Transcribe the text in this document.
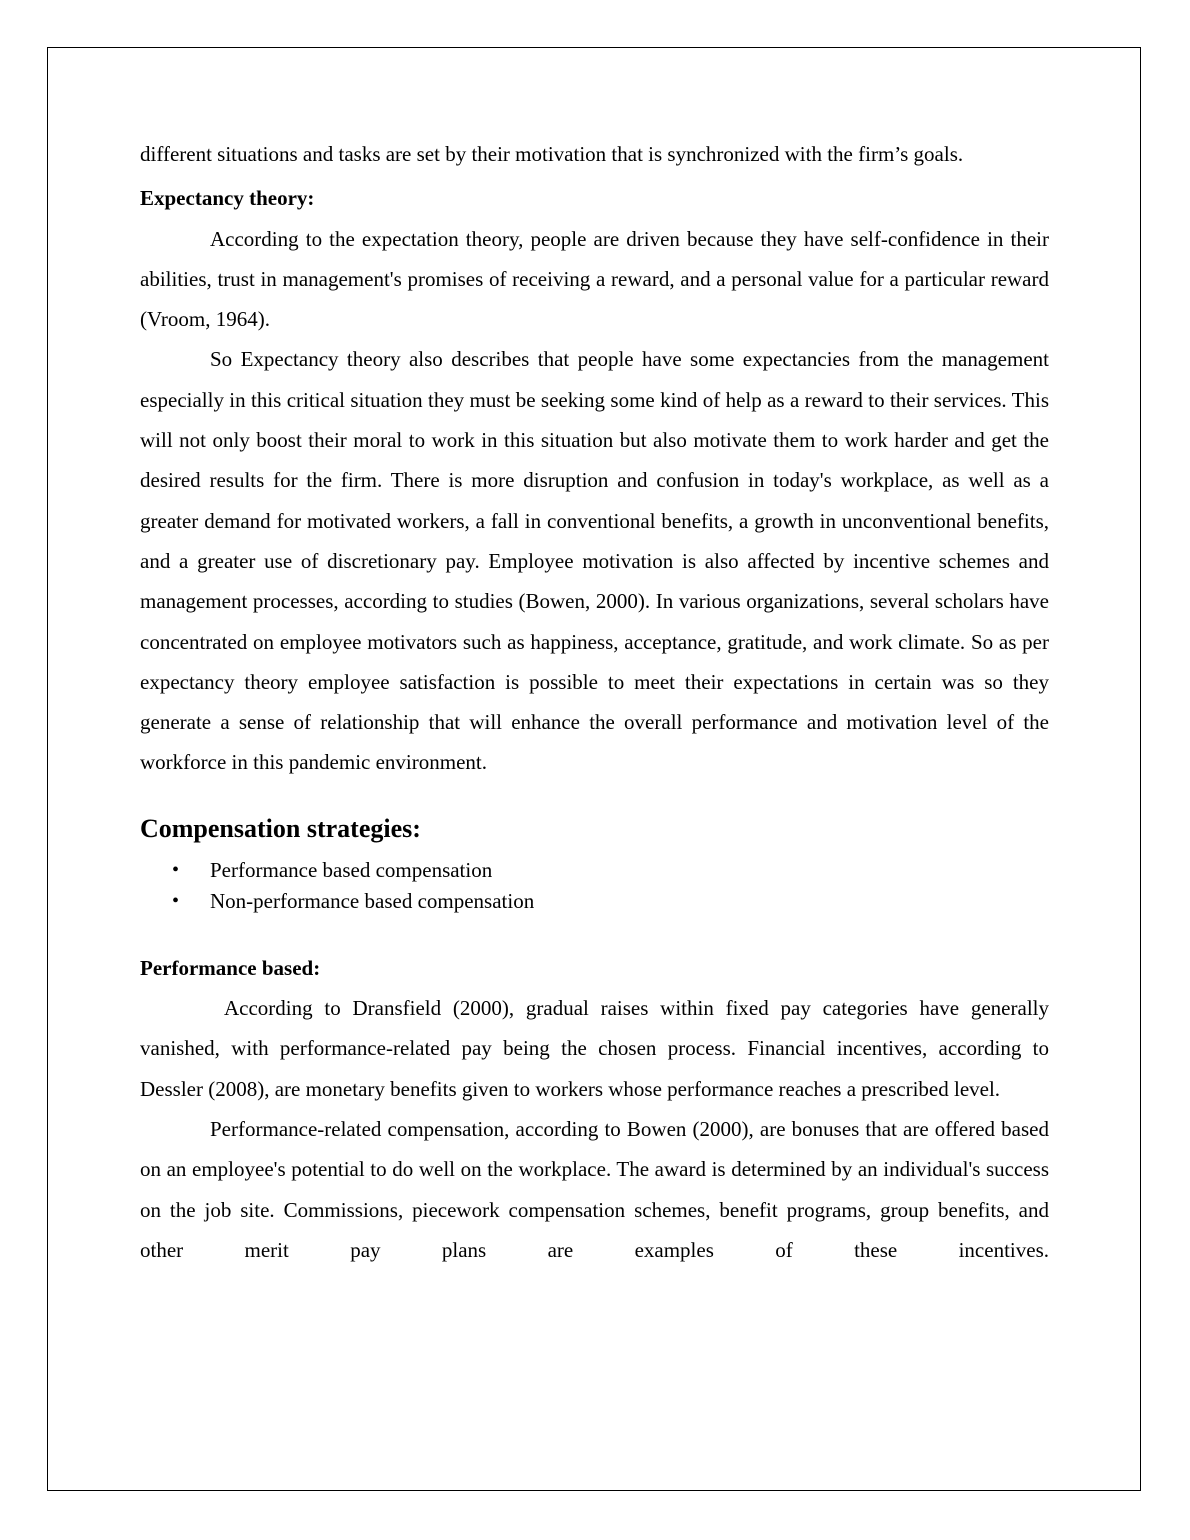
different situations and tasks are set by their motivation that is synchronized with the firm’s goals.

Expectancy theory:

According to the expectation theory, people are driven because they have self-confidence in their abilities, trust in management's promises of receiving a reward, and a personal value for a particular reward (Vroom, 1964).

So Expectancy theory also describes that people have some expectancies from the management especially in this critical situation they must be seeking some kind of help as a reward to their services. This will not only boost their moral to work in this situation but also motivate them to work harder and get the desired results for the firm. There is more disruption and confusion in today's workplace, as well as a greater demand for motivated workers, a fall in conventional benefits, a growth in unconventional benefits, and a greater use of discretionary pay. Employee motivation is also affected by incentive schemes and management processes, according to studies (Bowen, 2000). In various organizations, several scholars have concentrated on employee motivators such as happiness, acceptance, gratitude, and work climate. So as per expectancy theory employee satisfaction is possible to meet their expectations in certain was so they generate a sense of relationship that will enhance the overall performance and motivation level of the workforce in this pandemic environment.

Compensation strategies:
• Performance based compensation
• Non-performance based compensation
Performance based:

According to Dransfield (2000), gradual raises within fixed pay categories have generally vanished, with performance-related pay being the chosen process. Financial incentives, according to Dessler (2008), are monetary benefits given to workers whose performance reaches a prescribed level.

Performance-related compensation, according to Bowen (2000), are bonuses that are offered based on an employee's potential to do well on the workplace. The award is determined by an individual's success on the job site. Commissions, piecework compensation schemes, benefit programs, group benefits, and other merit pay plans are examples of these incentives.
